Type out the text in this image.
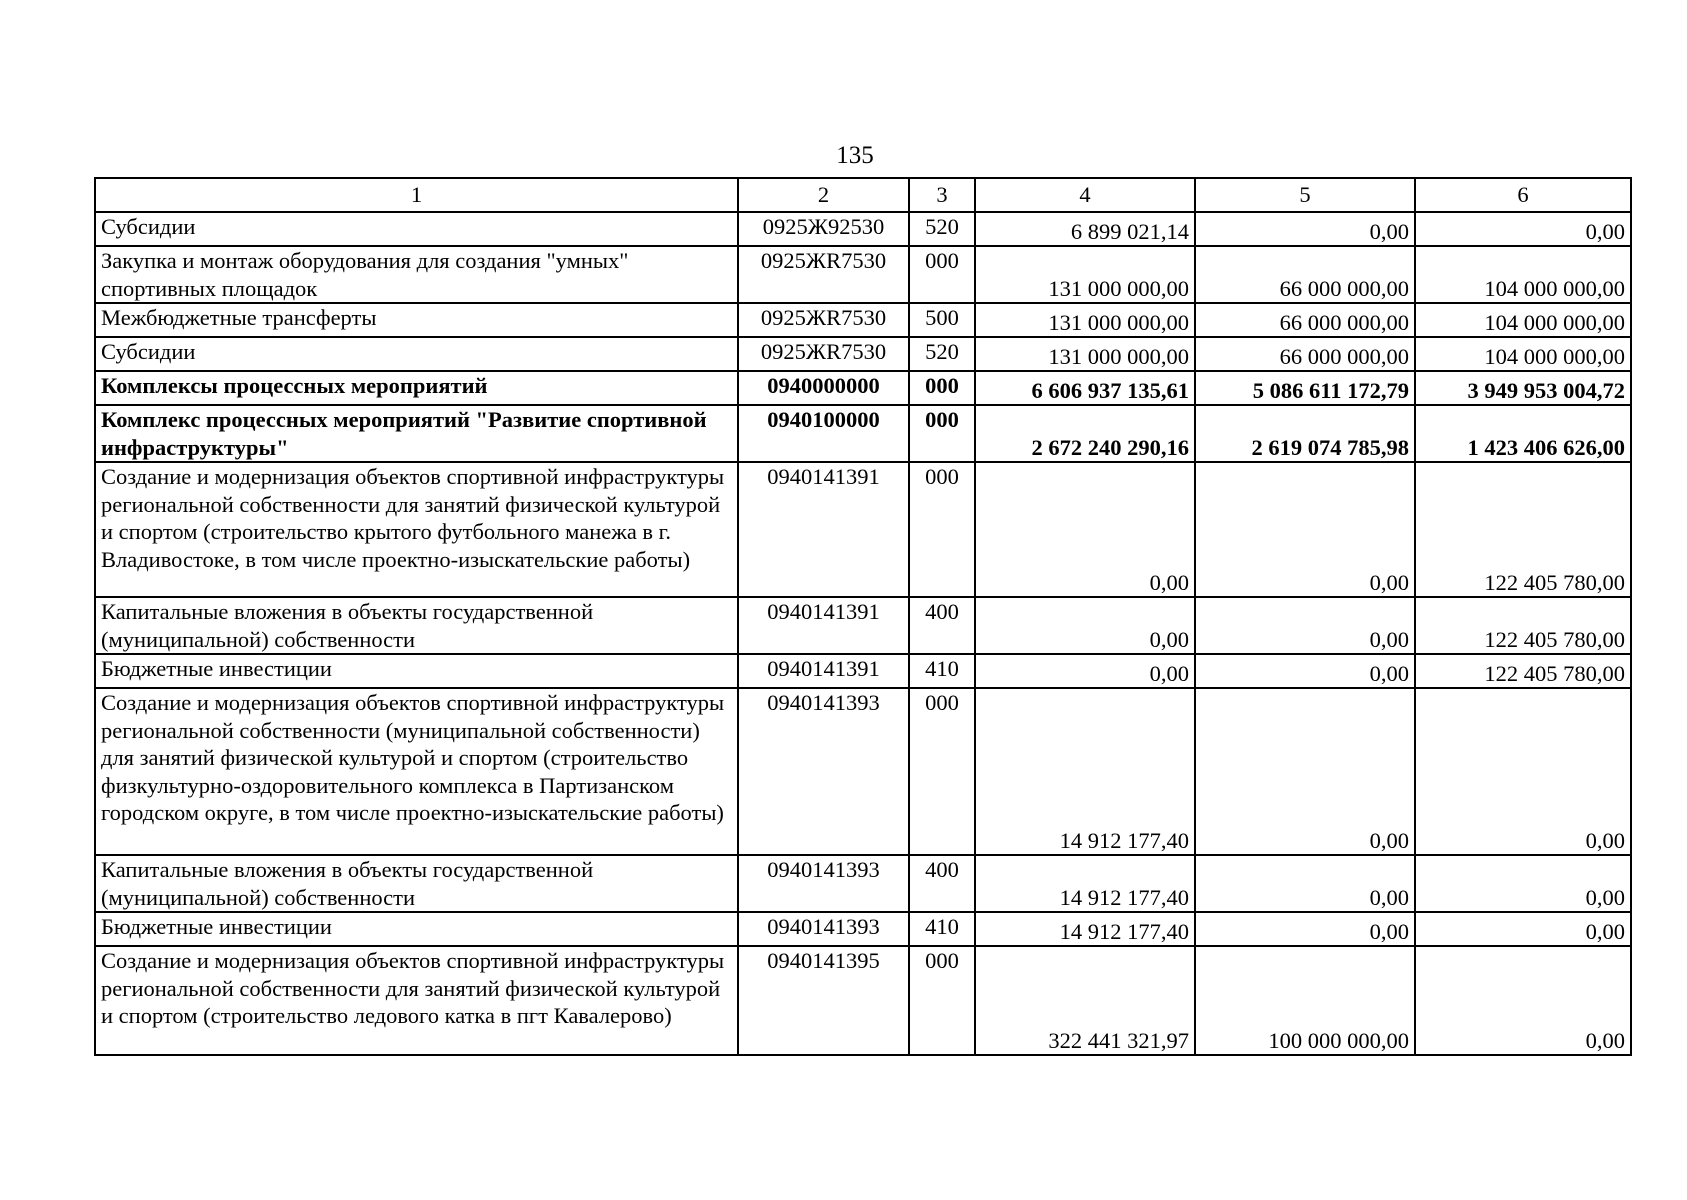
135
1	2	3	4	5	6
Субсидии	0925Ж92530	520	6 899 021,14	0,00	0,00
Закупка и монтаж оборудования для создания "умных" спортивных площадок	0925ЖR7530	000	131 000 000,00	66 000 000,00	104 000 000,00
Межбюджетные трансферты	0925ЖR7530	500	131 000 000,00	66 000 000,00	104 000 000,00
Субсидии	0925ЖR7530	520	131 000 000,00	66 000 000,00	104 000 000,00
Комплексы процессных мероприятий	0940000000	000	6 606 937 135,61	5 086 611 172,79	3 949 953 004,72
Комплекс процессных мероприятий "Развитие спортивной инфраструктуры"	0940100000	000	2 672 240 290,16	2 619 074 785,98	1 423 406 626,00
Создание и модернизация объектов спортивной инфраструктуры региональной собственности для занятий физической культурой и спортом (строительство крытого футбольного манежа в г. Владивостоке, в том числе проектно-изыскательские работы)	0940141391	000	0,00	0,00	122 405 780,00
Капитальные вложения в объекты государственной (муниципальной) собственности	0940141391	400	0,00	0,00	122 405 780,00
Бюджетные инвестиции	0940141391	410	0,00	0,00	122 405 780,00
Создание и модернизация объектов спортивной инфраструктуры региональной собственности (муниципальной собственности) для занятий физической культурой и спортом (строительство физкультурно-оздоровительного комплекса в Партизанском городском округе, в том числе проектно-изыскательские работы)	0940141393	000	14 912 177,40	0,00	0,00
Капитальные вложения в объекты государственной (муниципальной) собственности	0940141393	400	14 912 177,40	0,00	0,00
Бюджетные инвестиции	0940141393	410	14 912 177,40	0,00	0,00
Создание и модернизация объектов спортивной инфраструктуры региональной собственности для занятий физической культурой и спортом (строительство ледового катка в пгт Кавалерово)	0940141395	000	322 441 321,97	100 000 000,00	0,00
